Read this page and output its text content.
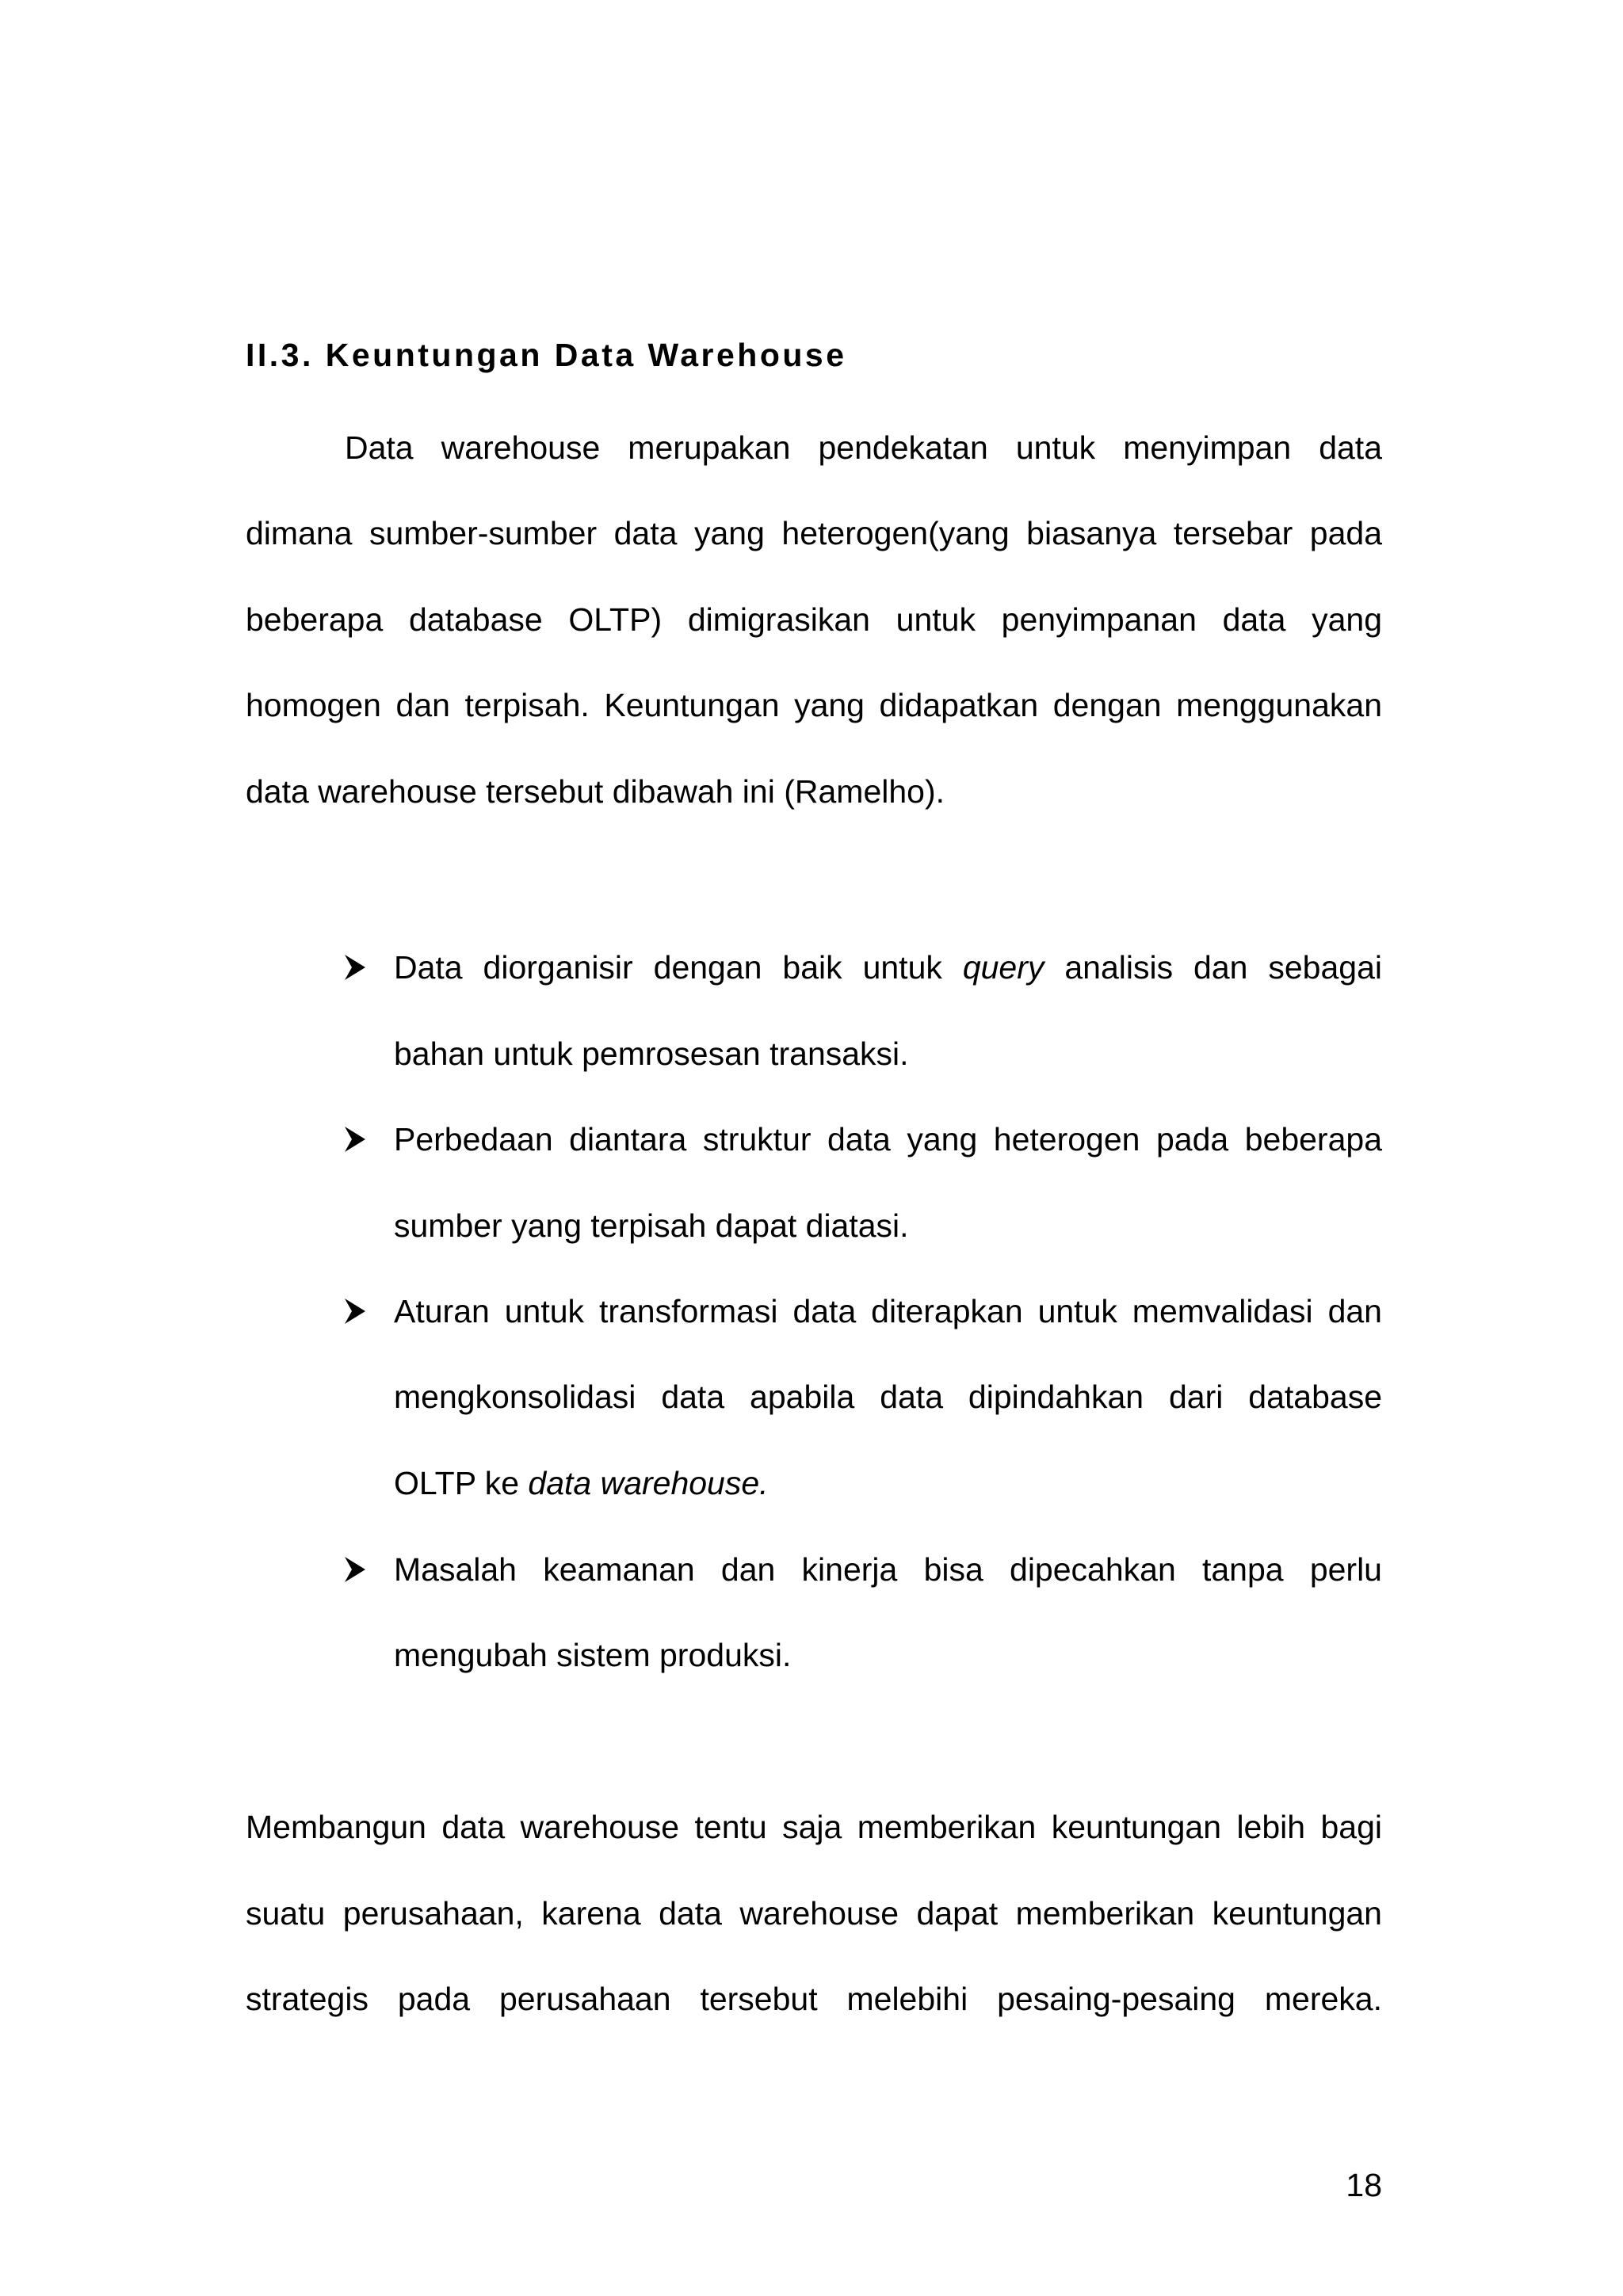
II.3. Keuntungan Data Warehouse
Data warehouse merupakan pendekatan untuk menyimpan data
dimana sumber-sumber data yang heterogen(yang biasanya tersebar pada
beberapa database OLTP) dimigrasikan untuk penyimpanan data yang
homogen dan terpisah. Keuntungan yang didapatkan dengan menggunakan
data warehouse tersebut dibawah ini (Ramelho).
Data diorganisir dengan baik untuk query analisis dan sebagai
bahan untuk pemrosesan transaksi.
Perbedaan diantara struktur data yang heterogen pada beberapa
sumber yang terpisah dapat diatasi.
Aturan untuk transformasi data diterapkan untuk memvalidasi dan
mengkonsolidasi data apabila data dipindahkan dari database
OLTP ke data warehouse.
Masalah keamanan dan kinerja bisa dipecahkan tanpa perlu
mengubah sistem produksi.
Membangun data warehouse tentu saja memberikan keuntungan lebih bagi
suatu perusahaan, karena data warehouse dapat memberikan keuntungan
strategis pada perusahaan tersebut melebihi pesaing-pesaing mereka.
18
